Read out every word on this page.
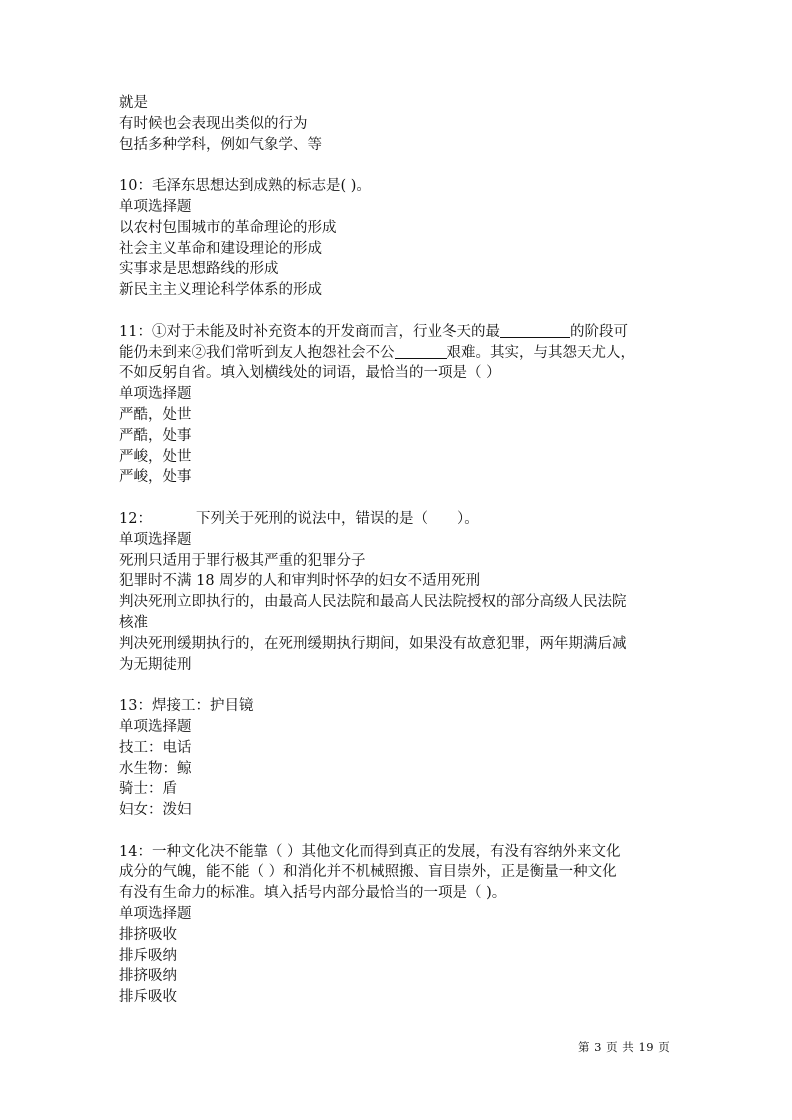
就是
有时候也会表现出类似的行为
包括多种学科，例如气象学、等
10：毛泽东思想达到成熟的标志是( )。
单项选择题
以农村包围城市的革命理论的形成
社会主义革命和建设理论的形成
实事求是思想路线的形成
新民主主义理论科学体系的形成
11：①对于未能及时补充资本的开发商而言，行业冬天的最	的阶段可
能仍未到来②我们常听到友人抱怨社会不公	艰难。其实，与其怨天尤人，
不如反躬自省。填入划横线处的词语，最恰当的一项是（ ）
单项选择题
严酷，处世
严酷，处事
严峻，处世
严峻，处事
12：	下列关于死刑的说法中，错误的是（　　）。
单项选择题
死刑只适用于罪行极其严重的犯罪分子
犯罪时不满 18 周岁的人和审判时怀孕的妇女不适用死刑
判决死刑立即执行的，由最高人民法院和最高人民法院授权的部分高级人民法院
核准
判决死刑缓期执行的，在死刑缓期执行期间，如果没有故意犯罪，两年期满后减
为无期徒刑
13：焊接工：护目镜
单项选择题
技工：电话
水生物：鲸
骑士：盾
妇女：泼妇
14：一种文化决不能靠（ ）其他文化而得到真正的发展，有没有容纳外来文化
成分的气魄，能不能（ ）和消化并不机械照搬、盲目崇外，正是衡量一种文化
有没有生命力的标准。填入括号内部分最恰当的一项是（ )。
单项选择题
排挤吸收
排斥吸纳
排挤吸纳
排斥吸收
第 3 页 共 19 页
